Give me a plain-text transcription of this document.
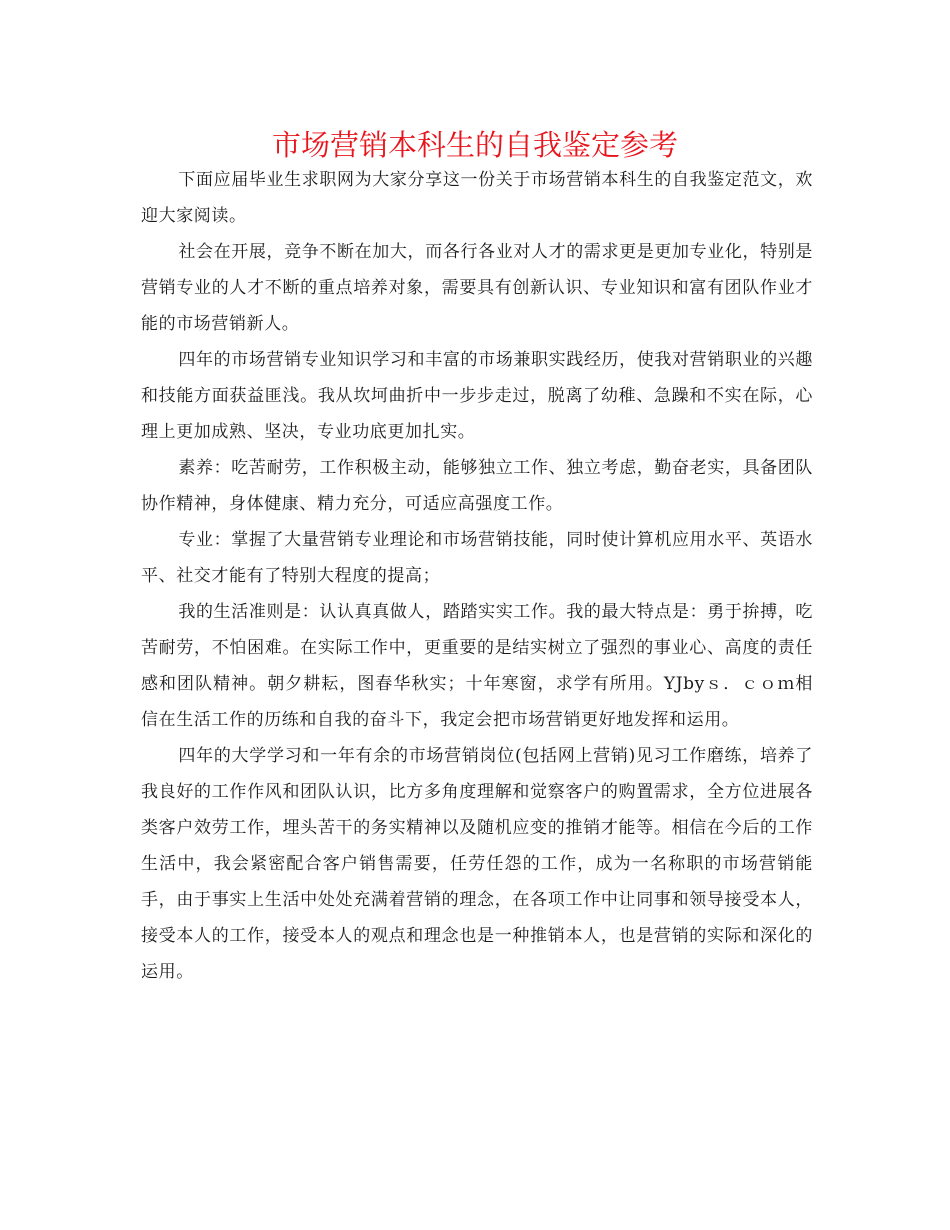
市场营销本科生的自我鉴定参考

下面应届毕业生求职网为大家分享这一份关于市场营销本科生的自我鉴定范文，欢迎大家阅读。

社会在开展，竞争不断在加大，而各行各业对人才的需求更是更加专业化，特别是营销专业的人才不断的重点培养对象，需要具有创新认识、专业知识和富有团队作业才能的市场营销新人。

四年的市场营销专业知识学习和丰富的市场兼职实践经历，使我对营销职业的兴趣和技能方面获益匪浅。我从坎坷曲折中一步步走过，脱离了幼稚、急躁和不实在际，心理上更加成熟、坚决，专业功底更加扎实。

素养：吃苦耐劳，工作积极主动，能够独立工作、独立考虑，勤奋老实，具备团队协作精神，身体健康、精力充分，可适应高强度工作。

专业：掌握了大量营销专业理论和市场营销技能，同时使计算机应用水平、英语水平、社交才能有了特别大程度的提高；

我的生活准则是：认认真真做人，踏踏实实工作。我的最大特点是：勇于拚搏，吃苦耐劳，不怕困难。在实际工作中，更重要的是结实树立了强烈的事业心、高度的责任感和团队精神。朝夕耕耘，图春华秋实；十年寒窗，求学有所用。YJbyｓ．ｃｏｍ相信在生活工作的历练和自我的奋斗下，我定会把市场营销更好地发挥和运用。

四年的大学学习和一年有余的市场营销岗位(包括网上营销)见习工作磨练，培养了我良好的工作作风和团队认识，比方多角度理解和觉察客户的购置需求，全方位进展各类客户效劳工作，埋头苦干的务实精神以及随机应变的推销才能等。相信在今后的工作生活中，我会紧密配合客户销售需要，任劳任怨的工作，成为一名称职的市场营销能手，由于事实上生活中处处充满着营销的理念，在各项工作中让同事和领导接受本人，接受本人的工作，接受本人的观点和理念也是一种推销本人，也是营销的实际和深化的运用。
